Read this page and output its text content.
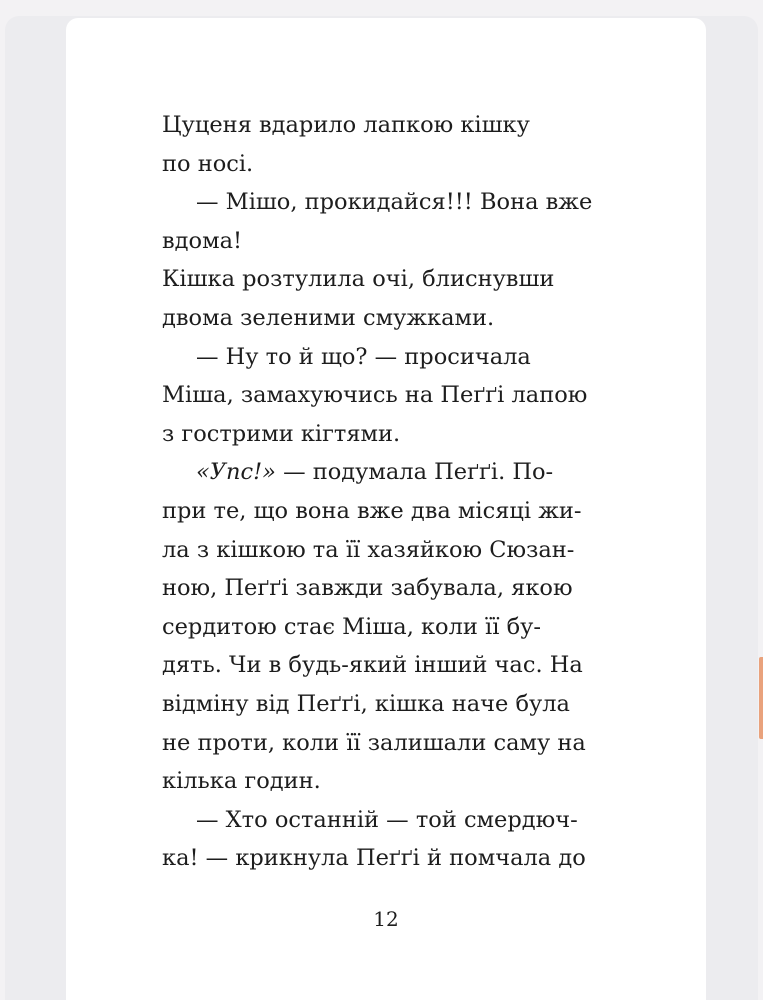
Цуценя вдарило лапкою кішку
по носі.
— Мішо, прокидайся!!! Вона вже
вдома!
Кішка розтулила очі, блиснувши
двома зеленими смужками.
— Ну то й що? — просичала
Міша, замахуючись на Пеґґі лапою
з гострими кігтями.
«Упс!» — подумала Пеґґі. По-
при те, що вона вже два місяці жи-
ла з кішкою та її хазяйкою Сюзан-
ною, Пеґґі завжди забувала, якою
сердитою стає Міша, коли її бу-
дять. Чи в будь-який інший час. На
відміну від Пеґґі, кішка наче була
не проти, коли її залишали саму на
кілька годин.
— Хто останній — той смердюч-
ка! — крикнула Пеґґі й помчала до
12
